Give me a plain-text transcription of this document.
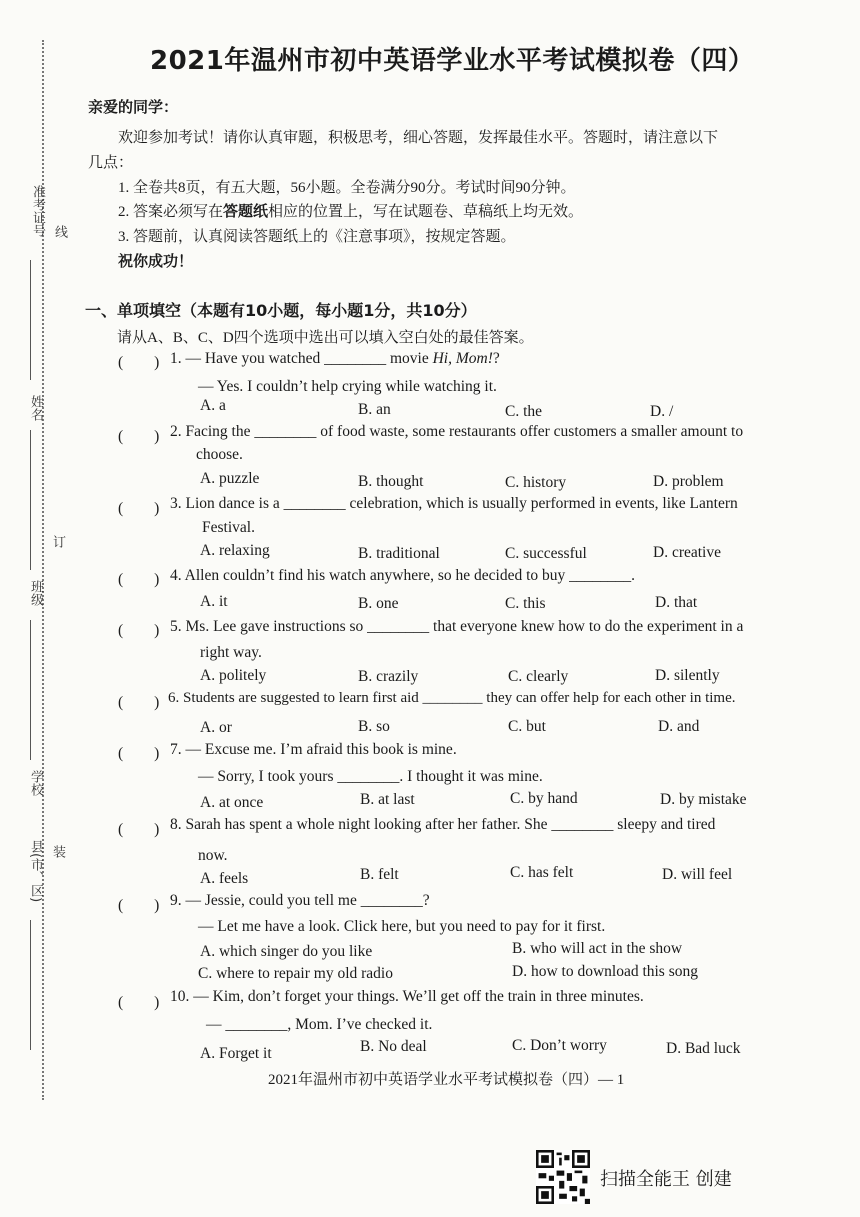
准考证号 线
姓名
班级
订
学校
县(市、区) 装
2021年温州市初中英语学业水平考试模拟卷（四）
亲爱的同学：
欢迎参加考试！请你认真审题，积极思考，细心答题，发挥最佳水平。答题时，请注意以下
几点：
1. 全卷共8页，有五大题，56小题。全卷满分90分。考试时间90分钟。
2. 答案必须写在答题纸相应的位置上，写在试题卷、草稿纸上均无效。
3. 答题前，认真阅读答题纸上的《注意事项》，按规定答题。
祝你成功！
一、单项填空（本题有10小题，每小题1分，共10分）
请从A、B、C、D四个选项中选出可以填入空白处的最佳答案。
(　　) 1. — Have you watched ________ movie Hi, Mom!?
— Yes. I couldn’t help crying while watching it.
A. a	B. an	C. the	D. /
(　　) 2. Facing the ________ of food waste, some restaurants offer customers a smaller amount to
choose.
A. puzzle	B. thought	C. history	D. problem
(　　) 3. Lion dance is a ________ celebration, which is usually performed in events, like Lantern
Festival.
A. relaxing	B. traditional	C. successful	D. creative
(　　) 4. Allen couldn’t find his watch anywhere, so he decided to buy ________.
A. it	B. one	C. this	D. that
(　　) 5. Ms. Lee gave instructions so ________ that everyone knew how to do the experiment in a
right way.
A. politely	B. crazily	C. clearly	D. silently
(　　) 6. Students are suggested to learn first aid ________ they can offer help for each other in time.
A. or	B. so	C. but	D. and
(　　) 7. — Excuse me. I’m afraid this book is mine.
— Sorry, I took yours ________. I thought it was mine.
A. at once	B. at last	C. by hand	D. by mistake
(　　) 8. Sarah has spent a whole night looking after her father. She ________ sleepy and tired
now.
A. feels	B. felt	C. has felt	D. will feel
(　　) 9. — Jessie, could you tell me ________?
— Let me have a look. Click here, but you need to pay for it first.
A. which singer do you like	B. who will act in the show
C. where to repair my old radio	D. how to download this song
(　　) 10. — Kim, don’t forget your things. We’ll get off the train in three minutes.
— ________, Mom. I’ve checked it.
A. Forget it	B. No deal	C. Don’t worry	D. Bad luck
2021年温州市初中英语学业水平考试模拟卷（四）— 1
扫描全能王 创建
